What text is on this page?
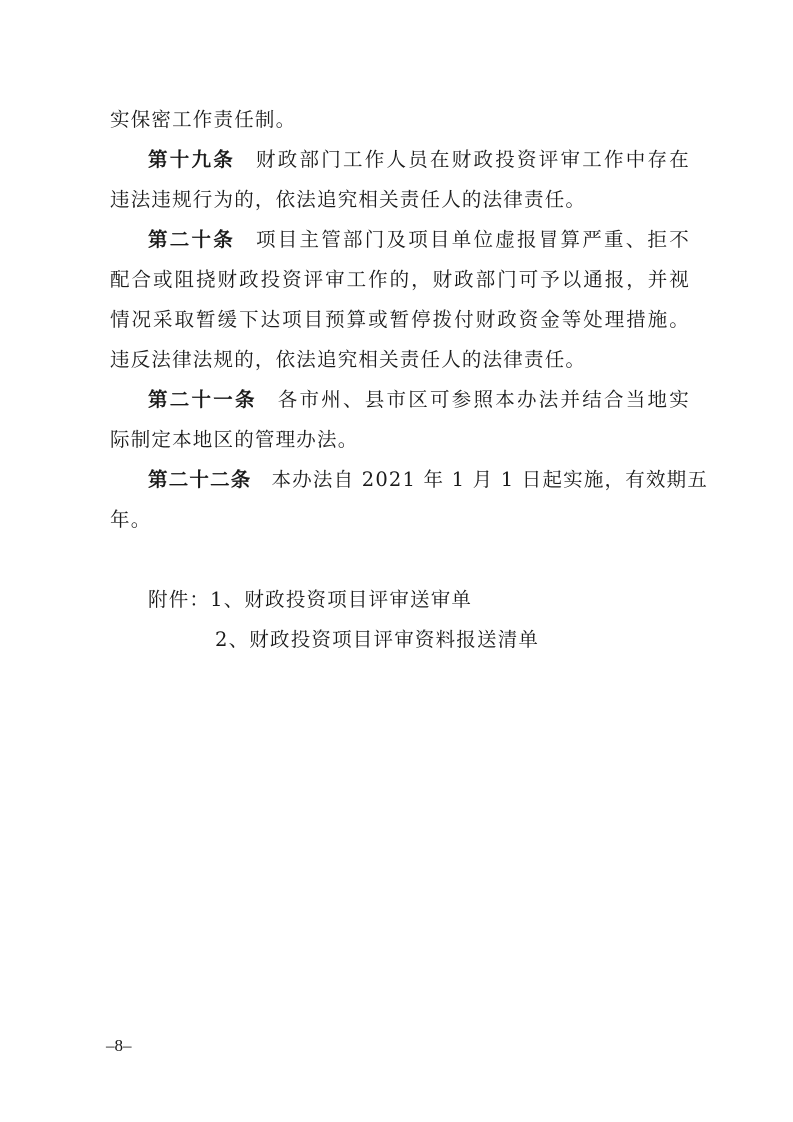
实保密工作责任制。
第十九条 财政部门工作人员在财政投资评审工作中存在
违法违规行为的，依法追究相关责任人的法律责任。
第二十条 项目主管部门及项目单位虚报冒算严重、拒不
配合或阻挠财政投资评审工作的，财政部门可予以通报，并视
情况采取暂缓下达项目预算或暂停拨付财政资金等处理措施。
违反法律法规的，依法追究相关责任人的法律责任。
第二十一条 各市州、县市区可参照本办法并结合当地实
际制定本地区的管理办法。
第二十二条 本办法自 2021 年 1 月 1 日起实施，有效期五
年。
附件：1、财政投资项目评审送审单
2、财政投资项目评审资料报送清单
–8–
